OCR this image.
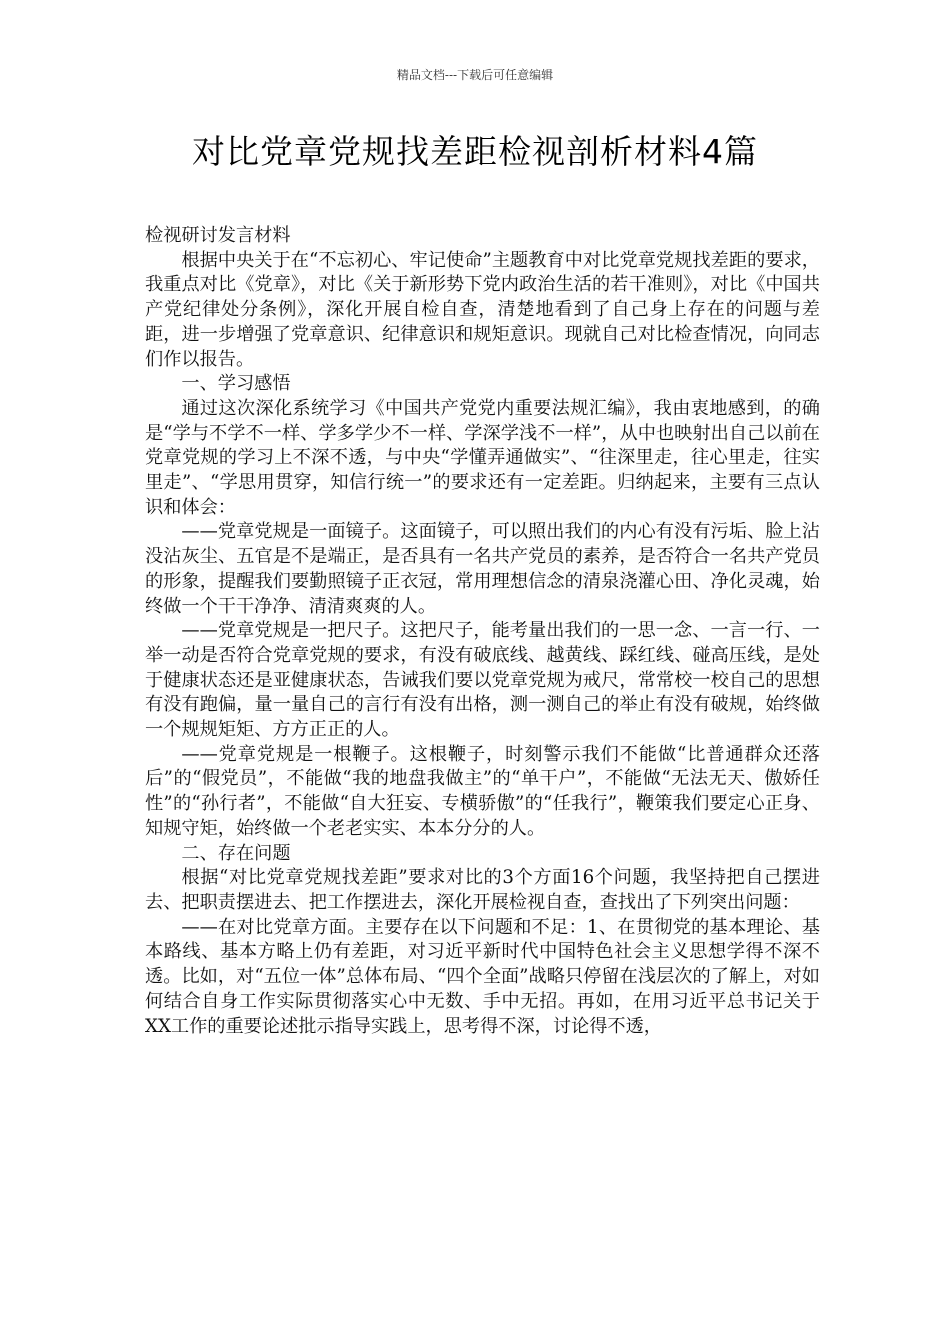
精品文档---下载后可任意编辑
对比党章党规找差距检视剖析材料4篇

检视研讨发言材料

根据中央关于在“不忘初心、牢记使命”主题教育中对比党章党规找差距的要求，我重点对比《党章》，对比《关于新形势下党内政治生活的若干准则》，对比《中国共产党纪律处分条例》，深化开展自检自查，清楚地看到了自己身上存在的问题与差距，进一步增强了党章意识、纪律意识和规矩意识。现就自己对比检查情况，向同志们作以报告。

一、学习感悟

通过这次深化系统学习《中国共产党党内重要法规汇编》，我由衷地感到，的确是“学与不学不一样、学多学少不一样、学深学浅不一样”，从中也映射出自己以前在党章党规的学习上不深不透，与中央“学懂弄通做实”、“往深里走，往心里走，往实里走”、“学思用贯穿，知信行统一”的要求还有一定差距。归纳起来，主要有三点认识和体会：

——党章党规是一面镜子。这面镜子，可以照出我们的内心有没有污垢、脸上沾没沾灰尘、五官是不是端正，是否具有一名共产党员的素养，是否符合一名共产党员的形象，提醒我们要勤照镜子正衣冠，常用理想信念的清泉浇灌心田、净化灵魂，始终做一个干干净净、清清爽爽的人。

——党章党规是一把尺子。这把尺子，能考量出我们的一思一念、一言一行、一举一动是否符合党章党规的要求，有没有破底线、越黄线、踩红线、碰高压线，是处于健康状态还是亚健康状态，告诫我们要以党章党规为戒尺，常常校一校自己的思想有没有跑偏，量一量自己的言行有没有出格，测一测自己的举止有没有破规，始终做一个规规矩矩、方方正正的人。

——党章党规是一根鞭子。这根鞭子，时刻警示我们不能做“比普通群众还落后”的“假党员”，不能做“我的地盘我做主”的“单干户”，不能做“无法无天、傲娇任性”的“孙行者”，不能做“自大狂妄、专横骄傲”的“任我行”，鞭策我们要定心正身、知规守矩，始终做一个老老实实、本本分分的人。

二、存在问题

根据“对比党章党规找差距”要求对比的3个方面16个问题，我坚持把自己摆进去、把职责摆进去、把工作摆进去，深化开展检视自查，查找出了下列突出问题：

——在对比党章方面。主要存在以下问题和不足：1、在贯彻党的基本理论、基本路线、基本方略上仍有差距，对习近平新时代中国特色社会主义思想学得不深不透。比如，对“五位一体”总体布局、“四个全面”战略只停留在浅层次的了解上，对如何结合自身工作实际贯彻落实心中无数、手中无招。再如，在用习近平总书记关于XX工作的重要论述批示指导实践上，思考得不深，讨论得不透，
